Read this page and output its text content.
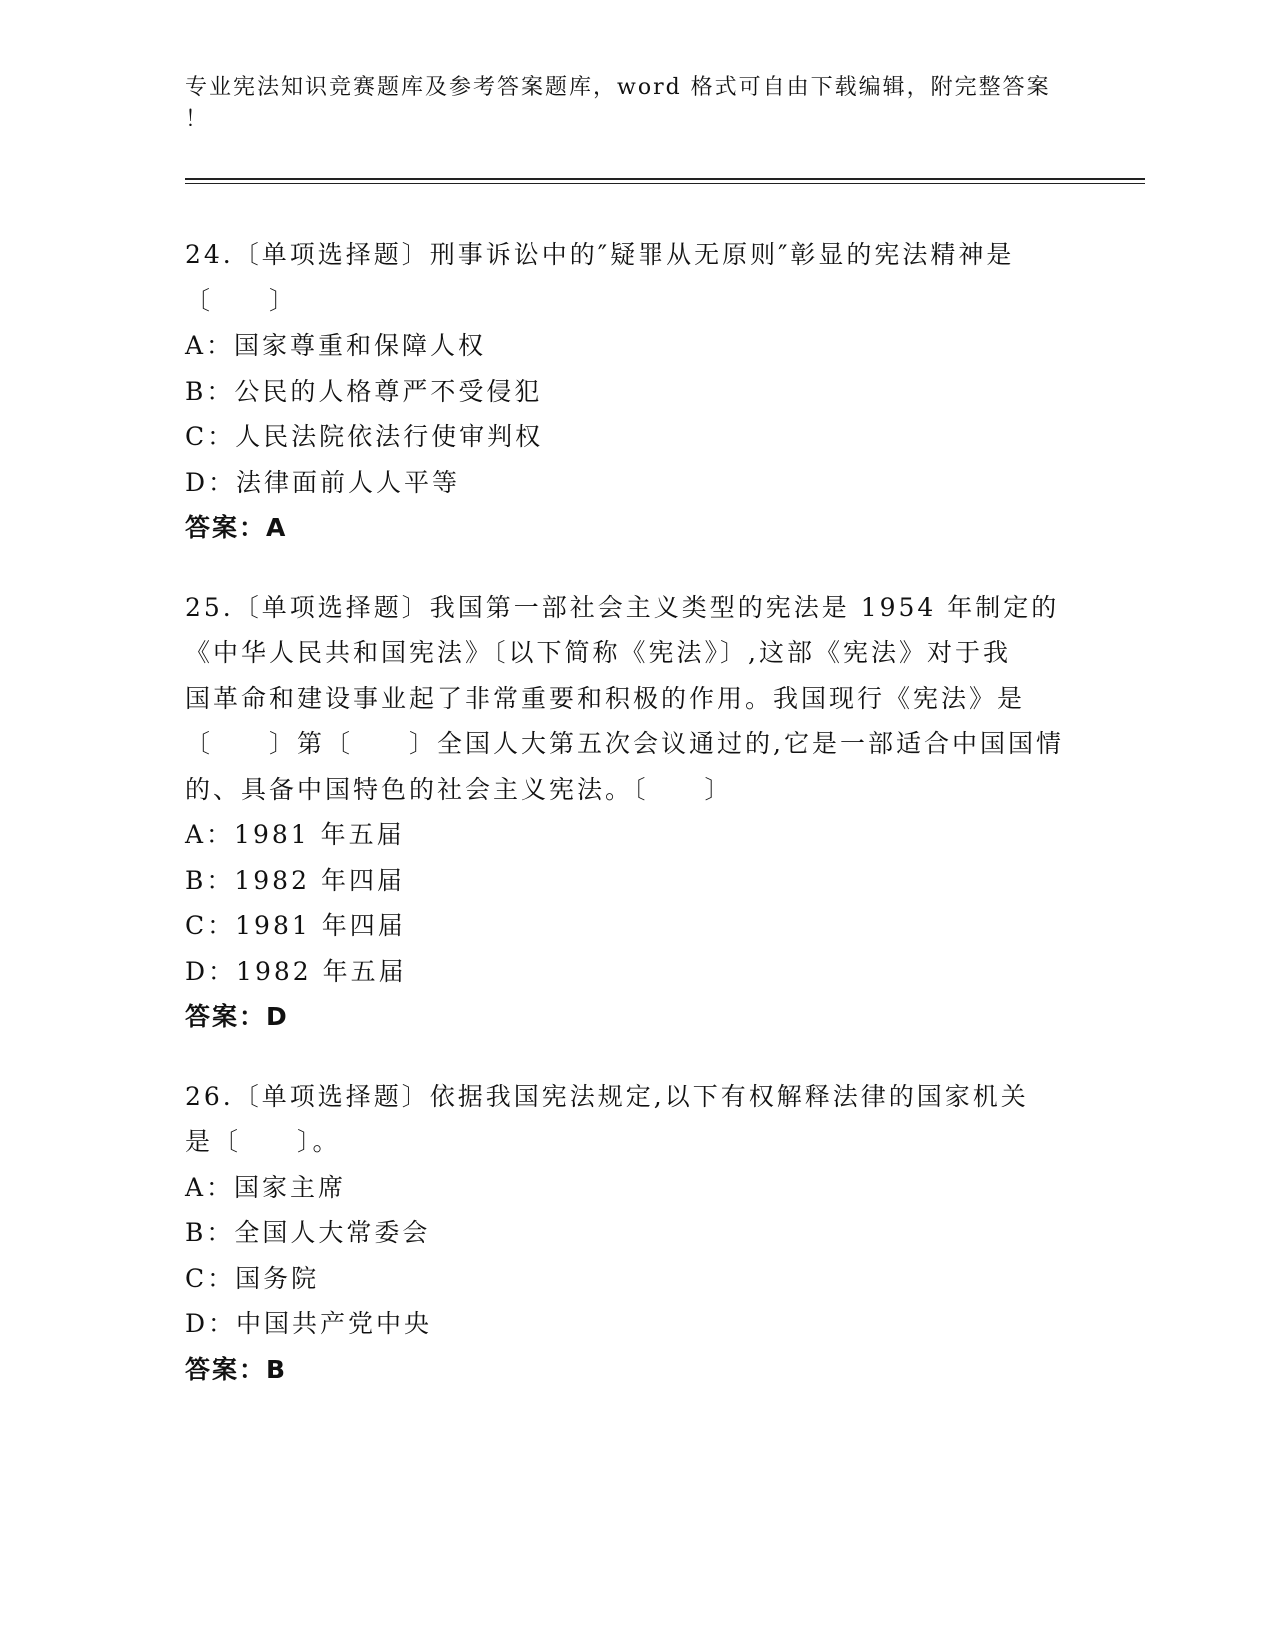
专业宪法知识竞赛题库及参考答案题库，word 格式可自由下载编辑，附完整答案
！

24.〔单项选择题〕刑事诉讼中的″疑罪从无原则″彰显的宪法精神是
〔　　〕

A：国家尊重和保障人权

B：公民的人格尊严不受侵犯

C：人民法院依法行使审判权

D：法律面前人人平等

答案：A

25.〔单项选择题〕我国第一部社会主义类型的宪法是 1954 年制定的
《中华人民共和国宪法》〔以下简称《宪法》〕,这部《宪法》对于我
国革命和建设事业起了非常重要和积极的作用。我国现行《宪法》是
〔　　〕第〔　　〕全国人大第五次会议通过的,它是一部适合中国国情
的、具备中国特色的社会主义宪法。〔　　〕

A：1981 年五届

B：1982 年四届

C：1981 年四届

D：1982 年五届

答案：D

26.〔单项选择题〕依据我国宪法规定,以下有权解释法律的国家机关
是〔　　〕。

A：国家主席

B：全国人大常委会

C：国务院

D：中国共产党中央

答案：B
